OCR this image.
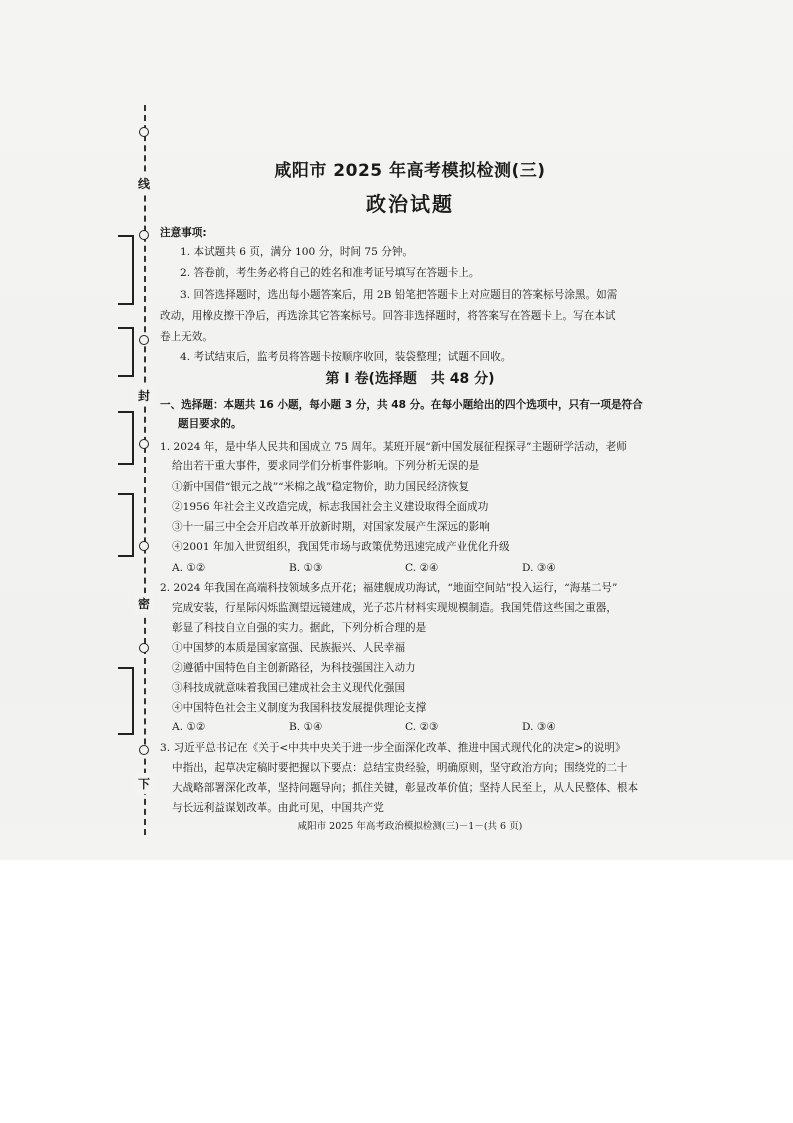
线
封
密
下
咸阳市 2025 年高考模拟检测(三)
政治试题
注意事项:
1. 本试题共 6 页，满分 100 分，时间 75 分钟。
2. 答卷前，考生务必将自己的姓名和准考证号填写在答题卡上。
3. 回答选择题时，选出每小题答案后，用 2B 铅笔把答题卡上对应题目的答案标号涂黑。如需
改动，用橡皮擦干净后，再选涂其它答案标号。回答非选择题时，将答案写在答题卡上。写在本试
卷上无效。
4. 考试结束后，监考员将答题卡按顺序收回，装袋整理；试题不回收。
第 Ⅰ 卷(选择题　共 48 分)
一、选择题：本题共 16 小题，每小题 3 分，共 48 分。在每小题给出的四个选项中，只有一项是符合
题目要求的。
1. 2024 年，是中华人民共和国成立 75 周年。某班开展“新中国发展征程探寻”主题研学活动，老师
给出若干重大事件，要求同学们分析事件影响。下列分析无误的是
①新中国借“银元之战”“米棉之战”稳定物价，助力国民经济恢复
②1956 年社会主义改造完成，标志我国社会主义建设取得全面成功
③十一届三中全会开启改革开放新时期，对国家发展产生深远的影响
④2001 年加入世贸组织，我国凭市场与政策优势迅速完成产业优化升级
A. ①②	B. ①③	C. ②④	D. ③④
2. 2024 年我国在高端科技领域多点开花；福建舰成功海试，“地面空间站”投入运行，“海基二号”
完成安装，行星际闪烁监测望远镜建成，光子芯片材料实现规模制造。我国凭借这些国之重器，
彰显了科技自立自强的实力。据此，下列分析合理的是
①中国梦的本质是国家富强、民族振兴、人民幸福
②遵循中国特色自主创新路径，为科技强国注入动力
③科技成就意味着我国已建成社会主义现代化强国
④中国特色社会主义制度为我国科技发展提供理论支撑
A. ①②	B. ①④	C. ②③	D. ③④
3. 习近平总书记在《关于<中共中央关于进一步全面深化改革、推进中国式现代化的决定>的说明》
中指出，起草决定稿时要把握以下要点：总结宝贵经验，明确原则，坚守政治方向；围绕党的二十
大战略部署深化改革，坚持问题导向；抓住关键，彰显改革价值；坚持人民至上，从人民整体、根本
与长远利益谋划改革。由此可见，中国共产党
咸阳市 2025 年高考政治模拟检测(三)－1－(共 6 页)
